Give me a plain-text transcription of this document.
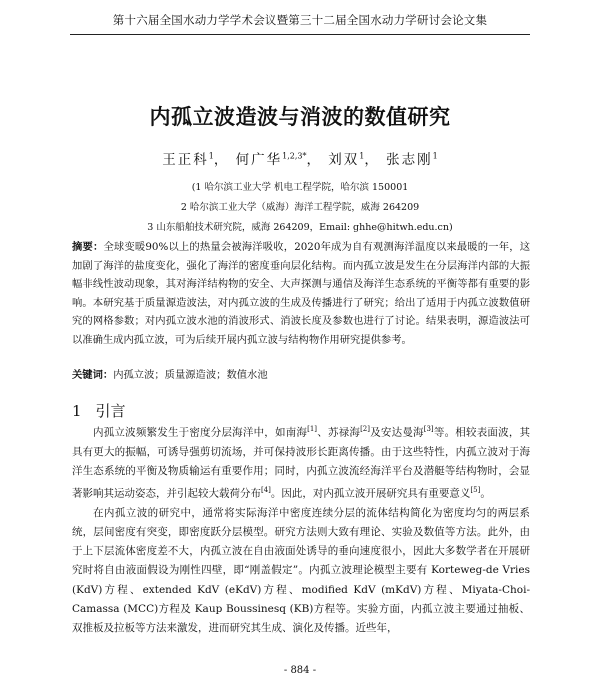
第十六届全国水动力学学术会议暨第三十二届全国水动力学研讨会论文集
内孤立波造波与消波的数值研究
王正科$^1$， 何广华$^{1,2,3*}$， 刘双$^1$， 张志刚$^1$
(1 哈尔滨工业大学 机电工程学院，哈尔滨 150001
2 哈尔滨工业大学（威海）海洋工程学院，威海 264209
3 山东船舶技术研究院，威海 264209，Email: ghhe@hitwh.edu.cn)
摘要：全球变暖90%以上的热量会被海洋吸收，2020年成为自有观测海洋温度以来最暖的一年，这加剧了海洋的盐度变化，强化了海洋的密度垂向层化结构。而内孤立波是发生在分层海洋内部的大振幅非线性波动现象，其对海洋结构物的安全、大声探测与通信及海洋生态系统的平衡等都有重要的影响。本研究基于质量源造波法，对内孤立波的生成及传播进行了研究；给出了适用于内孤立波数值研究的网格参数；对内孤立波水池的消波形式、消波长度及参数也进行了讨论。结果表明，源造波法可以准确生成内孤立波，可为后续开展内孤立波与结构物作用研究提供参考。
关键词：内孤立波；质量源造波；数值水池
1 引言

内孤立波频繁发生于密度分层海洋中，如南海[1]、苏禄海[2]及安达曼海[3]等。相较表面波，其具有更大的振幅，可诱导强剪切流场，并可保持波形长距离传播。由于这些特性，内孤立波对于海洋生态系统的平衡及物质输运有重要作用；同时，内孤立波流经海洋平台及潜艇等结构物时，会显著影响其运动姿态，并引起较大载荷分布[4]。因此，对内孤立波开展研究具有重要意义[5]。

在内孤立波的研究中，通常将实际海洋中密度连续分层的流体结构简化为密度均匀的两层系统，层间密度有突变，即密度跃分层模型。研究方法则大致有理论、实验及数值等方法。此外，由于上下层流体密度差不大，内孤立波在自由液面处诱导的垂向速度很小，因此大多数学者在开展研究时将自由液面假设为刚性四壁，即“刚盖假定”。内孤立波理论模型主要有 Korteweg-de Vries (KdV)方程、extended KdV (eKdV)方程、modified KdV (mKdV)方程、Miyata-Choi-Camassa (MCC)方程及 Kaup Boussinesq (KB)方程等。实验方面，内孤立波主要通过抽板、双推板及拉板等方法来激发，进而研究其生成、演化及传播。近些年，

- 884 -
